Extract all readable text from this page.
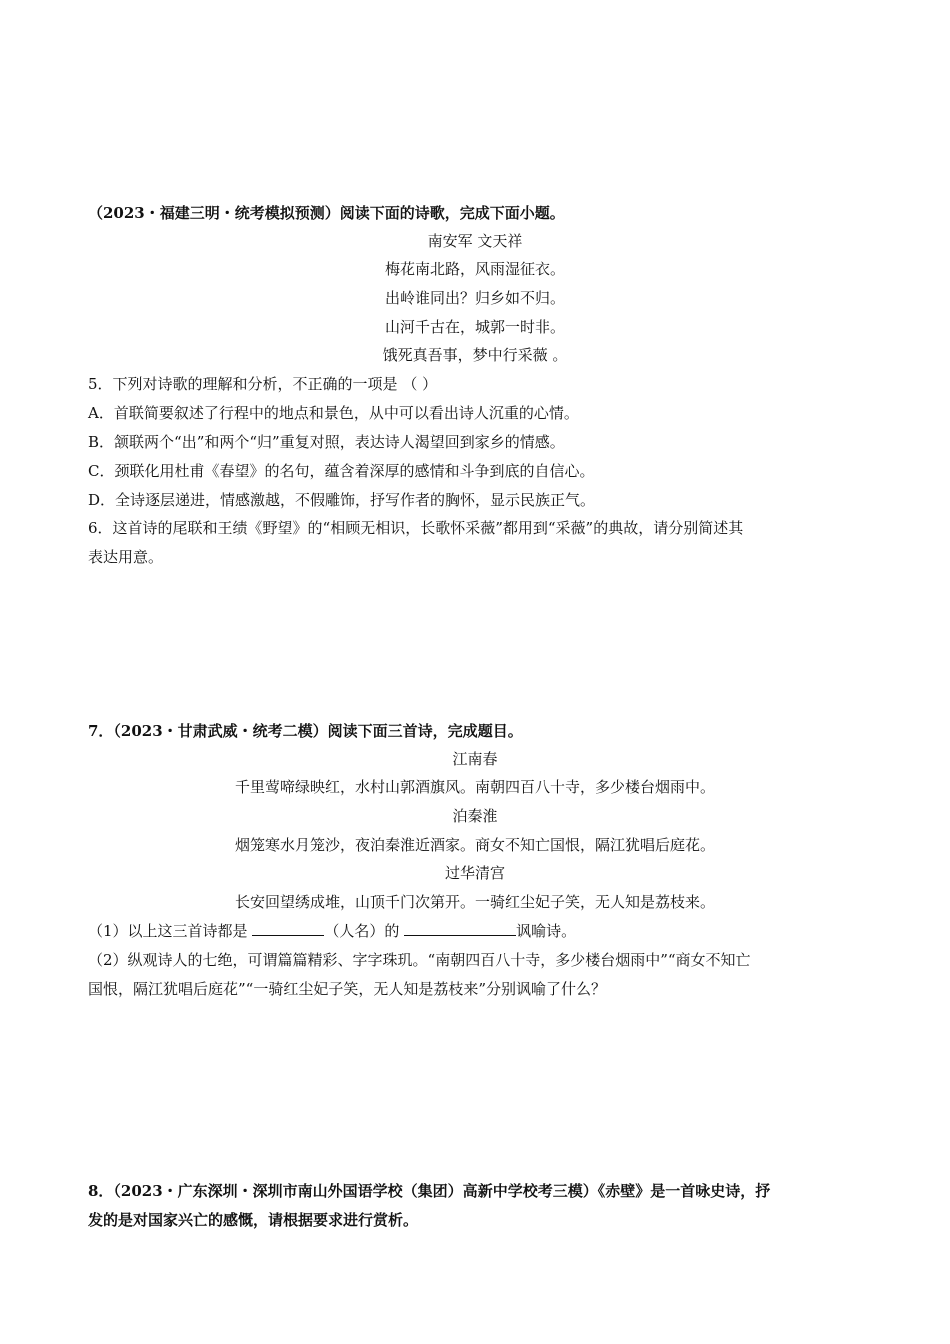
（2023・福建三明・统考模拟预测）阅读下面的诗歌，完成下面小题。
南安军 文天祥
梅花南北路，风雨湿征衣。
出岭谁同出？归乡如不归。
山河千古在，城郭一时非。
饿死真吾事，梦中行采薇 。
5．下列对诗歌的理解和分析，不正确的一项是 （ ）
A．首联简要叙述了行程中的地点和景色，从中可以看出诗人沉重的心情。
B．颔联两个“出”和两个“归”重复对照，表达诗人渴望回到家乡的情感。
C．颈联化用杜甫《春望》的名句，蕴含着深厚的感情和斗争到底的自信心。
D．全诗逐层递进，情感激越，不假雕饰，抒写作者的胸怀，显示民族正气。
6．这首诗的尾联和王绩《野望》的“相顾无相识，长歌怀采薇”都用到“采薇”的典故，请分别简述其
表达用意。
7．（2023・甘肃武威・统考二模）阅读下面三首诗，完成题目。
江南春
千里莺啼绿映红，水村山郭酒旗风。南朝四百八十寺，多少楼台烟雨中。
泊秦淮
烟笼寒水月笼沙，夜泊秦淮近酒家。商女不知亡国恨，隔江犹唱后庭花。
过华清宫
长安回望绣成堆，山顶千门次第开。一骑红尘妃子笑，无人知是荔枝来。
（1）以上这三首诗都是	（人名）的	讽喻诗。
（2）纵观诗人的七绝，可谓篇篇精彩、字字珠玑。“南朝四百八十寺，多少楼台烟雨中”“商女不知亡
国恨，隔江犹唱后庭花”“一骑红尘妃子笑，无人知是荔枝来”分别讽喻了什么？
8．（2023・广东深圳・深圳市南山外国语学校（集团）高新中学校考三模）《赤壁》是一首咏史诗，抒
发的是对国家兴亡的感慨，请根据要求进行赏析。
